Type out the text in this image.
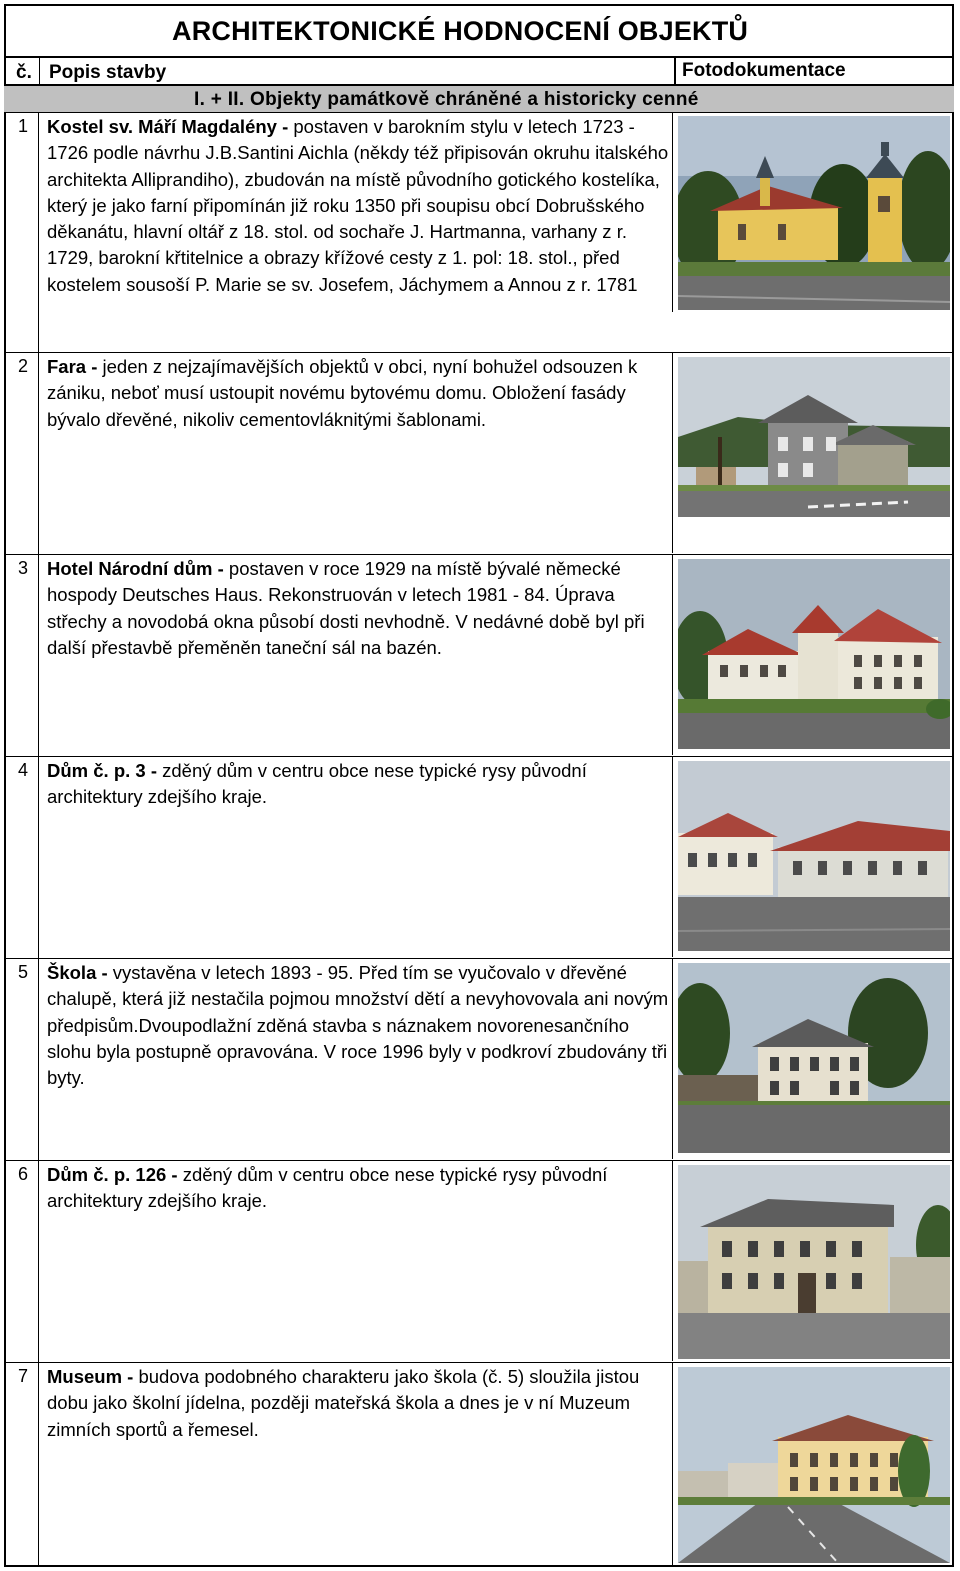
ARCHITEKTONICKÉ HODNOCENÍ OBJEKTŮ
č. Popis stavby	Fotodokumentace
I. + II. Objekty památkově chráněné a historicky cenné
1 Kostel sv. Máří Magdalény - postaven v barokním stylu v letech 1723 - 1726 podle návrhu J.B.Santini Aichla (někdy též připisován okruhu italského architekta Alliprandiho), zbudován na místě původního gotického kostelíka, který je jako farní připomínán již roku 1350 při soupisu obcí Dobrušského děkanátu, hlavní oltář z 18. stol. od sochaře J. Hartmanna, varhany z r. 1729, barokní křtitelnice a obrazy křížové cesty z 1. pol: 18. stol., před kostelem sousoší P. Marie se sv. Josefem, Jáchymem a Annou z r. 1781
2 Fara - jeden z nejzajímavějších objektů v obci, nyní bohužel odsouzen k zániku, neboť musí ustoupit novému bytovému domu. Obložení fasády bývalo dřevěné, nikoliv cementovláknitými šablonami.
3 Hotel Národní dům - postaven v roce 1929 na místě bývalé německé hospody Deutsches Haus. Rekonstruován v letech 1981 - 84. Úprava střechy a novodobá okna působí dosti nevhodně. V nedávné době byl při další přestavbě přeměněn taneční sál na bazén.
4 Dům č. p. 3 - zděný dům v centru obce nese typické rysy původní architektury zdejšího kraje.
5 Škola - vystavěna v letech 1893 - 95. Před tím se vyučovalo v dřevěné chalupě, která již nestačila pojmou množství dětí a nevyhovovala ani novým předpisům.Dvoupodlažní zděná stavba s náznakem novorenesančního slohu byla postupně opravována. V roce 1996 byly v podkroví zbudovány tři byty.
6 Dům č. p. 126 - zděný dům v centru obce nese typické rysy původní architektury zdejšího kraje.
7 Museum - budova podobného charakteru jako škola (č. 5) sloužila jistou dobu jako školní jídelna, později mateřská škola a dnes je v ní Muzeum zimních sportů a řemesel.
